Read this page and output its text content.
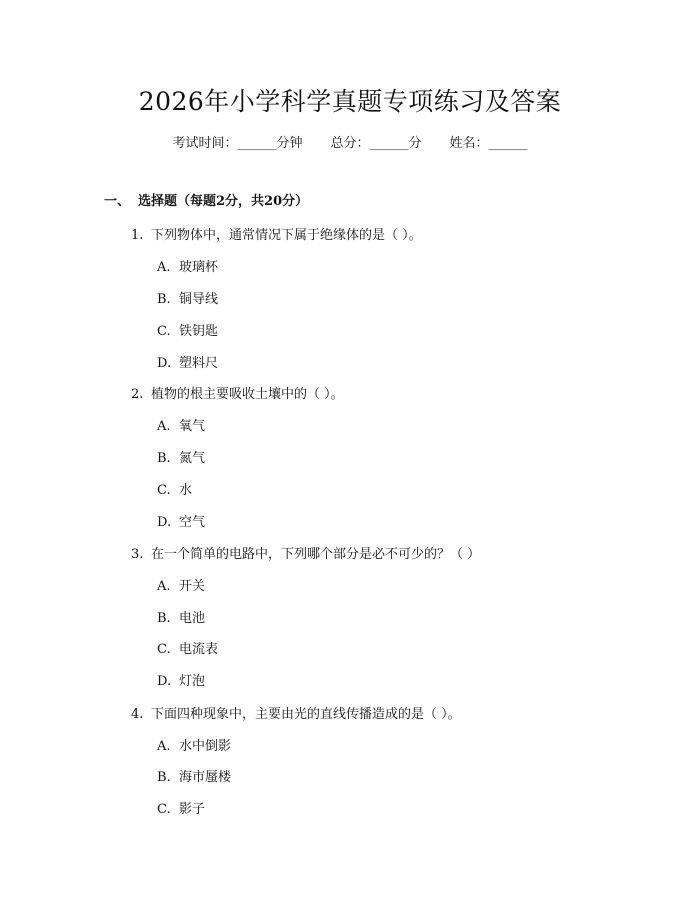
2026年小学科学真题专项练习及答案
考试时间：______分钟 总分：______分 姓名：______
一、 选择题（每题2分，共20分）
1. 下列物体中，通常情况下属于绝缘体的是（ ）。
A. 玻璃杯
B. 铜导线
C. 铁钥匙
D. 塑料尺
2. 植物的根主要吸收土壤中的（ ）。
A. 氧气
B. 氮气
C. 水
D. 空气
3. 在一个简单的电路中，下列哪个部分是必不可少的？（ ）
A. 开关
B. 电池
C. 电流表
D. 灯泡
4. 下面四种现象中，主要由光的直线传播造成的是（ ）。
A. 水中倒影
B. 海市蜃楼
C. 影子
